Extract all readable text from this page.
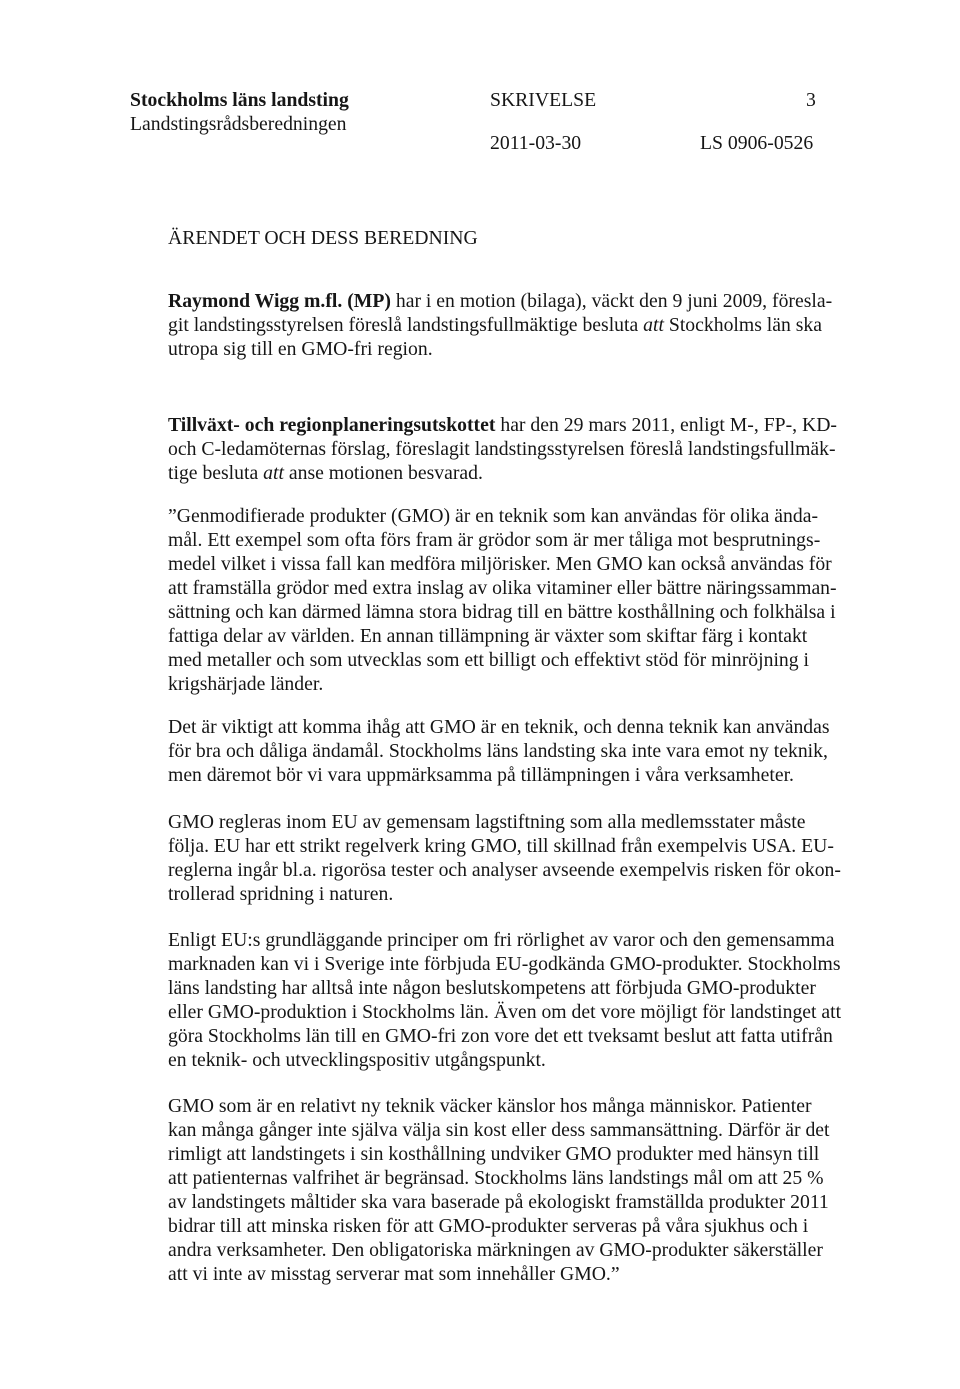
Stockholms läns landsting
Landstingsrådsberedningen
SKRIVELSE	3
2011-03-30	LS 0906-0526
ÄRENDET OCH DESS BEREDNING
Raymond Wigg m.fl. (MP) har i en motion (bilaga), väckt den 9 juni 2009, föresla-
git landstingsstyrelsen föreslå landstingsfullmäktige besluta att Stockholms län ska
utropa sig till en GMO-fri region.
Tillväxt- och regionplaneringsutskottet har den 29 mars 2011, enligt M-, FP-, KD-
och C-ledamöternas förslag, föreslagit landstingsstyrelsen föreslå landstingsfullmäk-
tige besluta att anse motionen besvarad.
”Genmodifierade produkter (GMO) är en teknik som kan användas för olika ända-
mål. Ett exempel som ofta förs fram är grödor som är mer tåliga mot besprutnings-
medel vilket i vissa fall kan medföra miljörisker. Men GMO kan också användas för
att framställa grödor med extra inslag av olika vitaminer eller bättre näringssamman-
sättning och kan därmed lämna stora bidrag till en bättre kosthållning och folkhälsa i
fattiga delar av världen. En annan tillämpning är växter som skiftar färg i kontakt
med metaller och som utvecklas som ett billigt och effektivt stöd för minröjning i
krigshärjade länder.
Det är viktigt att komma ihåg att GMO är en teknik, och denna teknik kan användas
för bra och dåliga ändamål. Stockholms läns landsting ska inte vara emot ny teknik,
men däremot bör vi vara uppmärksamma på tillämpningen i våra verksamheter.
GMO regleras inom EU av gemensam lagstiftning som alla medlemsstater måste
följa. EU har ett strikt regelverk kring GMO, till skillnad från exempelvis USA. EU-
reglerna ingår bl.a. rigorösa tester och analyser avseende exempelvis risken för okon-
trollerad spridning i naturen.
Enligt EU:s grundläggande principer om fri rörlighet av varor och den gemensamma
marknaden kan vi i Sverige inte förbjuda EU-godkända GMO-produkter. Stockholms
läns landsting har alltså inte någon beslutskompetens att förbjuda GMO-produkter
eller GMO-produktion i Stockholms län. Även om det vore möjligt för landstinget att
göra Stockholms län till en GMO-fri zon vore det ett tveksamt beslut att fatta utifrån
en teknik- och utvecklingspositiv utgångspunkt.
GMO som är en relativt ny teknik väcker känslor hos många människor. Patienter
kan många gånger inte själva välja sin kost eller dess sammansättning. Därför är det
rimligt att landstingets i sin kosthållning undviker GMO produkter med hänsyn till
att patienternas valfrihet är begränsad. Stockholms läns landstings mål om att 25 %
av landstingets måltider ska vara baserade på ekologiskt framställda produkter 2011
bidrar till att minska risken för att GMO-produkter serveras på våra sjukhus och i
andra verksamheter. Den obligatoriska märkningen av GMO-produkter säkerställer
att vi inte av misstag serverar mat som innehåller GMO.”
